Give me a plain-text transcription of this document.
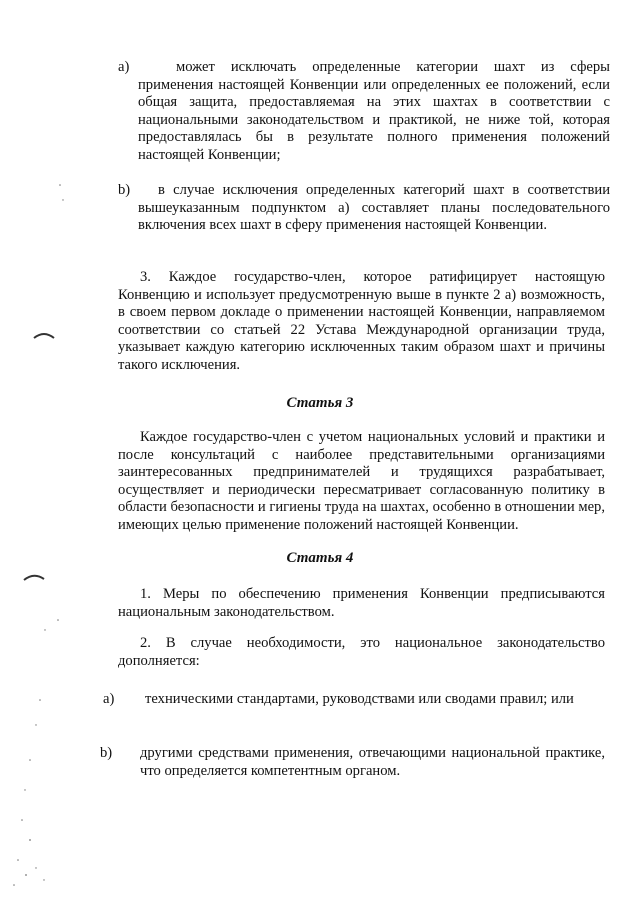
a)	может исключать определенные категории шахт из сферы применения настоящей Конвенции или определенных ее положений, если общая защита, предоставляемая на этих шахтах в соответствии с национальными законодательством и практикой, не ниже той, которая предоставлялась бы в результате полного применения положений настоящей Конвенции;
b)	в случае исключения определенных категорий шахт в соответствии вышеуказанным подпунктом а) составляет планы последовательного включения всех шахт в сферу применения настоящей Конвенции.
3. Каждое государство-член, которое ратифицирует настоящую Конвенцию и использует предусмотренную выше в пункте 2 а) возможность, в своем первом докладе о применении настоящей Конвенции, направляемом соответствии со статьей 22 Устава Международной организации труда, указывает каждую категорию исключенных таким образом шахт и причины такого исключения.
Статья 3
Каждое государство-член с учетом национальных условий и практики и после консультаций с наиболее представительными организациями заинтересованных предпринимателей и трудящихся разрабатывает, осуществляет и периодически пересматривает согласованную политику в области безопасности и гигиены труда на шахтах, особенно в отношении мер, имеющих целью применение положений настоящей Конвенции.
Статья 4
1. Меры по обеспечению применения Конвенции предписываются национальным законодательством.
2. В случае необходимости, это национальное законодательство дополняется:
a)	техническими стандартами, руководствами или сводами правил; или
b) другими средствами применения, отвечающими национальной практике, что определяется компетентным органом.
